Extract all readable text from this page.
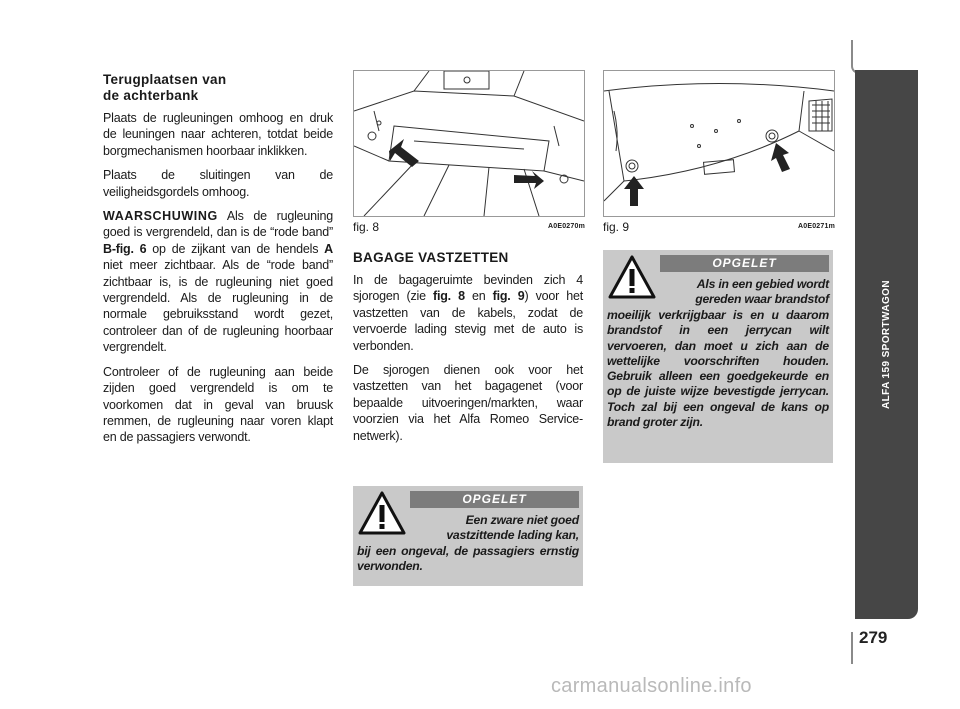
Terugplaatsen van
de achterbank

Plaats de rugleuningen omhoog en druk de leuningen naar achteren, totdat beide borgmechanismen hoorbaar inklikken.

Plaats de sluitingen van de veiligheidsgordels omhoog.

WAARSCHUWING Als de rugleuning goed is vergrendeld, dan is de “rode band” B-fig. 6 op de zijkant van de hendels A niet meer zichtbaar. Als de “rode band” zichtbaar is, is de rugleuning niet goed vergrendeld. Als de rugleuning in de normale gebruiksstand wordt gezet, controleer dan of de rugleuning hoorbaar vergrendelt.

Controleer of de rugleuning aan beide zijden goed vergrendeld is om te voorkomen dat in geval van bruusk remmen, de rugleuning naar voren klapt en de passagiers verwondt.

fig. 8	A0E0270m fig. 9	A0E0271m
BAGAGE VASTZETTEN

In de bagageruimte bevinden zich 4 sjorogen (zie fig. 8 en fig. 9) voor het vastzetten van de kabels, zodat de vervoerde lading stevig met de auto is verbonden.

De sjorogen dienen ook voor het vastzetten van het bagagenet (voor bepaalde uitvoeringen/markten, waar voorzien via het Alfa Romeo Service-netwerk).

OPGELET
Een zware niet goed
vastzittende lading kan,
bij een ongeval, de passagiers ernstig verwonden.
OPGELET
Als in een gebied wordt
gereden waar brandstof
moeilijk verkrijgbaar is en u daarom brandstof in een jerrycan wilt vervoeren, dan moet u zich aan de wettelijke voorschriften houden. Gebruik alleen een goedgekeurde en op de juiste wijze bevestigde jerrycan. Toch zal bij een ongeval de kans op brand groter zijn.
ALFA 159 SPORTWAGON
279
carmanualsonline.info
